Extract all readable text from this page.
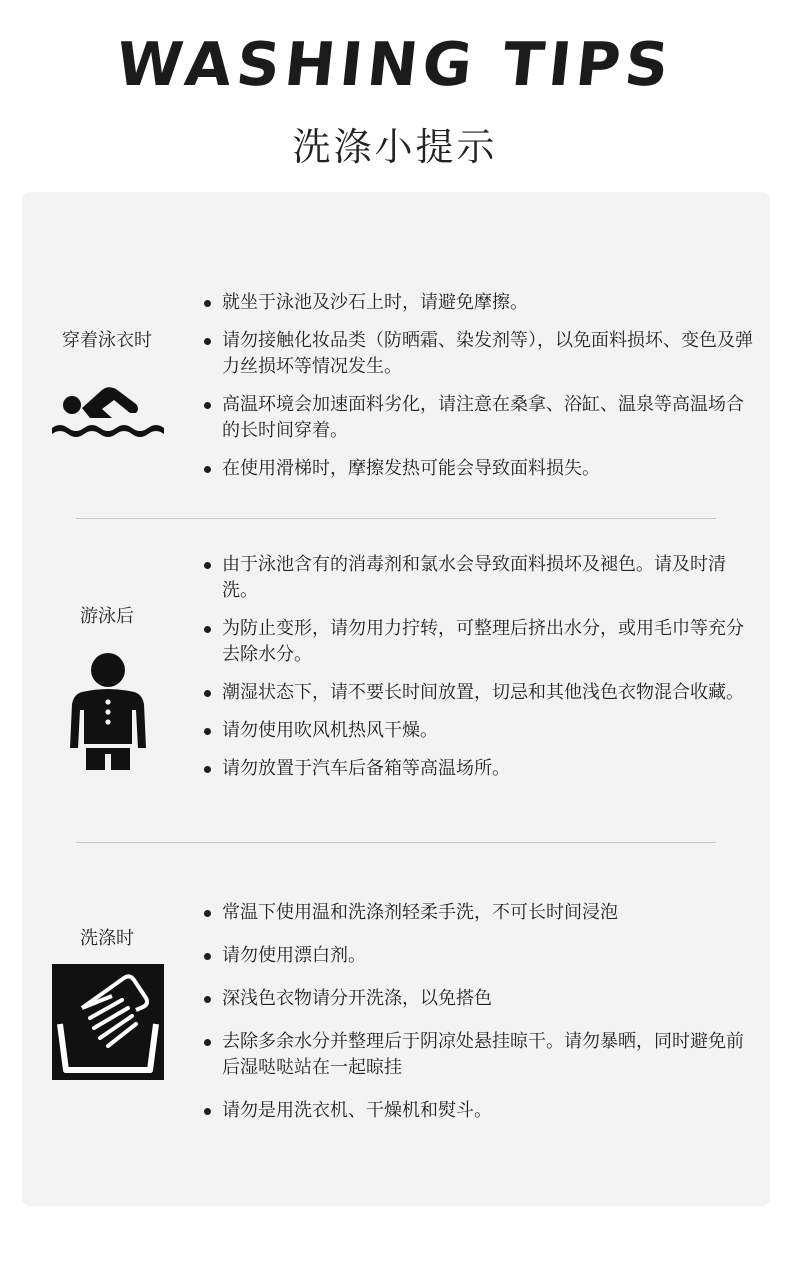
WASHING TIPS
洗涤小提示
穿着泳衣时
就坐于泳池及沙石上时，请避免摩擦。
请勿接触化妆品类（防晒霜、染发剂等），以免面料损坏、变色及弹力丝损坏等情况发生。
高温环境会加速面料劣化，请注意在桑拿、浴缸、温泉等高温场合的长时间穿着。
在使用滑梯时，摩擦发热可能会导致面料损失。
游泳后
由于泳池含有的消毒剂和氯水会导致面料损坏及褪色。请及时清洗。
为防止变形，请勿用力拧转，可整理后挤出水分，或用毛巾等充分去除水分。
潮湿状态下，请不要长时间放置，切忌和其他浅色衣物混合收藏。
请勿使用吹风机热风干燥。
请勿放置于汽车后备箱等高温场所。
洗涤时
常温下使用温和洗涤剂轻柔手洗，不可长时间浸泡
请勿使用漂白剂。
深浅色衣物请分开洗涤，以免搭色
去除多余水分并整理后于阴凉处悬挂晾干。请勿暴晒，同时避免前后湿哒哒站在一起晾挂
请勿是用洗衣机、干燥机和熨斗。
